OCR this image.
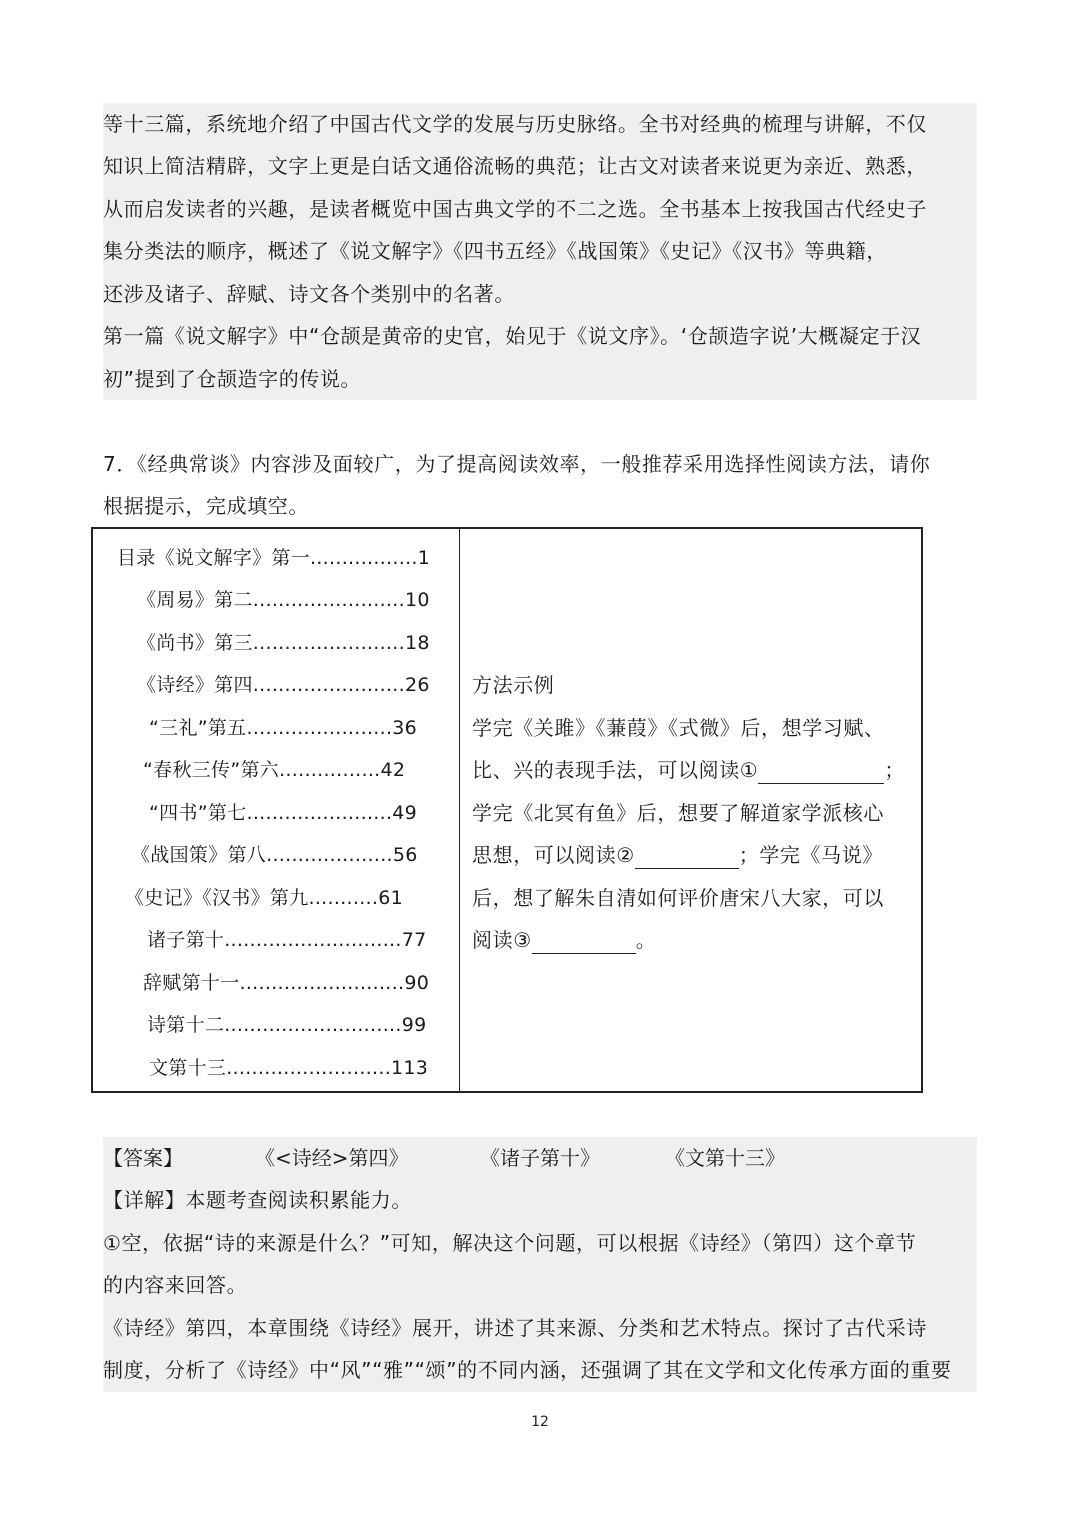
等十三篇，系统地介绍了中国古代文学的发展与历史脉络。全书对经典的梳理与讲解，不仅
知识上简洁精辟，文字上更是白话文通俗流畅的典范；让古文对读者来说更为亲近、熟悉，
从而启发读者的兴趣，是读者概览中国古典文学的不二之选。全书基本上按我国古代经史子
集分类法的顺序，概述了《说文解字》《四书五经》《战国策》《史记》《汉书》等典籍，
还涉及诸子、辞赋、诗文各个类别中的名著。
第一篇《说文解字》中“仓颉是黄帝的史官，始见于《说文序》。‘仓颉造字说’大概凝定于汉
初”提到了仓颉造字的传说。
7．《经典常谈》内容涉及面较广，为了提高阅读效率，一般推荐采用选择性阅读方法，请你
根据提示，完成填空。
目录《说文解字》第一.................1
《周易》第二........................10
《尚书》第三........................18
《诗经》第四........................26
“三礼”第五.......................36
“春秋三传”第六................42
“四书”第七.......................49
《战国策》第八....................56
《史记》《汉书》第九...........61
诸子第十............................77
辞赋第十一..........................90
诗第十二............................99
文第十三..........................113
方法示例
学完《关雎》《蒹葭》《式微》后，想学习赋、
比、兴的表现手法，可以阅读①	；
学完《北冥有鱼》后，想要了解道家学派核心
思想，可以阅读②	；学完《马说》
后，想了解朱自清如何评价唐宋八大家，可以
阅读③	。
【答案】	《<诗经>第四》	《诸子第十》	《文第十三》
【详解】本题考查阅读积累能力。
①空，依据“诗的来源是什么？”可知，解决这个问题，可以根据《诗经》（第四）这个章节
的内容来回答。
《诗经》第四，本章围绕《诗经》展开，讲述了其来源、分类和艺术特点。探讨了古代采诗
制度，分析了《诗经》中“风”“雅”“颂”的不同内涵，还强调了其在文学和文化传承方面的重要
12
